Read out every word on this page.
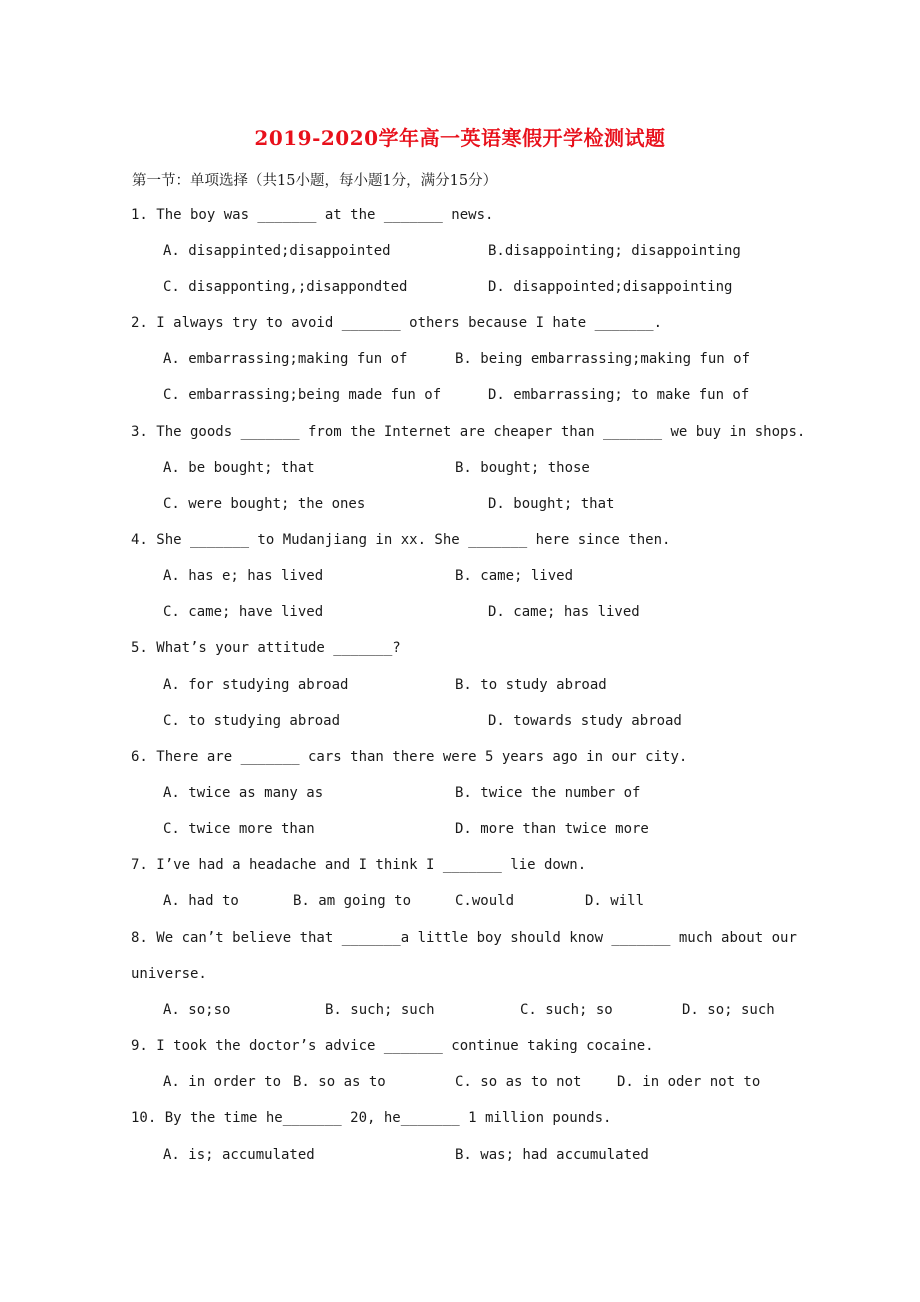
2019-2020学年高一英语寒假开学检测试题
第一节：单项选择（共15小题，每小题1分，满分15分）
1. The boy was _______ at the _______ news.
A. disappinted;disappointed	B.disappointing; disappointing
C. disapponting,;disappondted	D. disappointed;disappointing
2. I always try to avoid _______ others because I hate _______.
A. embarrassing;making fun of	B. being embarrassing;making fun of
C. embarrassing;being made fun of	D. embarrassing; to make fun of
3. The goods _______ from the Internet are cheaper than _______ we buy in shops.
A. be bought; that	B. bought; those
C. were bought; the ones	D. bought; that
4. She _______ to Mudanjiang in xx. She _______ here since then.
A. has e; has lived	B. came; lived
C. came; have lived	D. came; has lived
5. What’s your attitude _______?
A. for studying abroad	B. to study abroad
C. to studying abroad	D. towards study abroad
6. There are _______ cars than there were 5 years ago in our city.
A. twice as many as	B. twice the number of
C. twice more than	D. more than twice more
7. I’ve had a headache and I think I _______ lie down.
A. had to	B. am going to	C.would	D. will
8. We can’t believe that _______a little boy should know _______ much about our
universe.
A. so;so	B. such; such	C. such; so	D. so; such
9. I took the doctor’s advice _______ continue taking cocaine.
A. in order to B. so as to	C. so as to not	D. in oder not to
10. By the time he_______ 20, he_______ 1 million pounds.
A. is; accumulated	B. was; had accumulated
